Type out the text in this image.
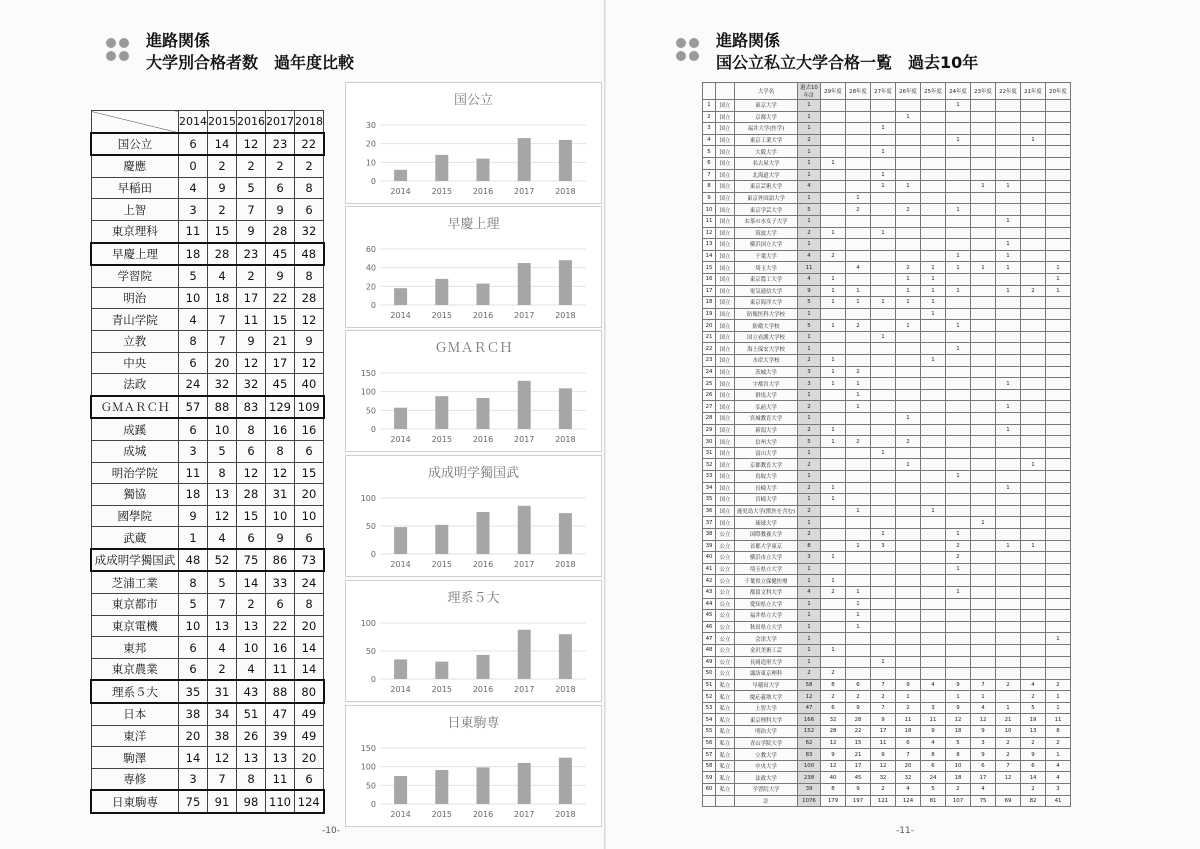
進路関係
大学別合格者数　過年度比較
	2014	2015	2016	2017	2018
国公立	6	14	12	23	22
慶應	0	2	2	2	2
早稲田	4	9	5	6	8
上智	3	2	7	9	6
東京理科	11	15	9	28	32
早慶上理	18	28	23	45	48
学習院	5	4	2	9	8
明治	10	18	17	22	28
青山学院	4	7	11	15	12
立教	8	7	9	21	9
中央	6	20	12	17	12
法政	24	32	32	45	40
ＧＭＡＲＣＨ	57	88	83	129	109
成蹊	6	10	8	16	16
成城	3	5	6	8	6
明治学院	11	8	12	12	15
獨協	18	13	28	31	20
國學院	9	12	15	10	10
武蔵	1	4	6	9	6
成成明学獨国武	48	52	75	86	73
芝浦工業	8	5	14	33	24
東京都市	5	7	2	6	8
東京電機	10	13	13	22	20
東邦	6	4	10	16	14
東京農業	6	2	4	11	14
理系５大	35	31	43	88	80
日本	38	34	51	47	49
東洋	20	38	26	39	49
駒澤	14	12	13	13	20
専修	3	7	8	11	6
日東駒専	75	91	98	110	124
国公立
0
10
20
30
2014	2015	2016	2017	2018
早慶上理
0
20
40
60
2014	2015	2016	2017	2018
ＧＭＡＲＣＨ
0
50
100
150
2014	2015	2016	2017	2018
成成明学獨国武
0
50
100
2014	2015	2016	2017	2018
理系５大
0
50
100
2014	2015	2016	2017	2018
日東駒専
0
50
100
150
2014	2015	2016	2017	2018
-10-
進路関係
国公立私立大学合格一覧　過去10年
		大学名	過去10年計	29年度	28年度	27年度	26年度	25年度	24年度	23年度	22年度	21年度	20年度
1	国立	東京大学	1						1				
2	国立	京都大学	1				1						
3	国立	福井大学(医学)	1			1							
4	国立	東京工業大学	2						1			1	
5	国立	大阪大学	1			1							
6	国立	名古屋大学	1	1									
7	国立	北海道大学	1			1							
8	国立	東京芸術大学	4			1	1			1	1		
9	国立	東京外国語大学	1		1								
10	国立	東京学芸大学	5		2		2		1				
11	国立	お茶の水女子大学	1								1		
12	国立	筑波大学	2	1		1							
13	国立	横浜国立大学	1								1		
14	国立	千葉大学	4	2					1		1		
15	国立	埼玉大学	11		4		2	1	1	1	1		1
16	国立	東京農工大学	4	1			1	1					1
17	国立	電気通信大学	9	1	1		1	1	1		1	2	1
18	国立	東京海洋大学	5	1	1	1	1	1					
19	国立	防衛医科大学校	1					1					
20	国立	防衛大学校	5	1	2		1		1				
21	国立	国立看護大学校	1			1							
22	国立	海上保安大学校	1						1				
23	国立	水産大学校	2	1				1					
24	国立	茨城大学	3	1	2								
25	国立	宇都宮大学	3	1	1						1		
26	国立	群馬大学	1		1								
27	国立	弘前大学	2		1						1		
28	国立	宮城教育大学	1				1						
29	国立	新潟大学	2	1							1		
30	国立	信州大学	5	1	2		2						
31	国立	富山大学	1			1							
32	国立	京都教育大学	2				1					1	
33	国立	鳥取大学	1						1				
34	国立	長崎大学	2	1							1		
35	国立	宮崎大学	1	1									
36	国立	鹿児島大学(獣医を含む)	2		1			1					
37	国立	琉球大学	1							1			
38	公立	国際教養大学	2			1			1				
39	公立	首都大学東京	8		1	3			2		1	1	
40	公立	横浜市立大学	3	1					2				
41	公立	埼玉県立大学	1						1				
42	公立	千葉県立保健医療	1	1									
43	公立	都留文科大学	4	2	1				1				
44	公立	愛知県立大学	1		1								
45	公立	福井県立大学	1		1								
46	公立	秋田県立大学	1		1								
47	公立	会津大学	1										1
48	公立	金沢美術工芸	1	1									
49	公立	長岡造形大学	1			1							
50	公立	諏訪東京理科	2	2									
51	私立	早稲田大学	58	8	6	7	9	4	9	7	2	4	2
52	私立	慶応義塾大学	12	2	2	2	1		1	1		2	1
53	私立	上智大学	47	6	9	7	2	3	9	4	1	5	1
54	私立	東京理科大学	166	32	28	9	11	11	12	12	21	19	11
55	私立	明治大学	152	28	22	17	18	9	18	9	10	13	8
56	私立	青山学院大学	62	12	15	11	6	4	5	3	2	2	2
57	私立	立教大学	83	9	21	9	7	8	8	9	2	9	1
58	私立	中央大学	100	12	17	12	20	6	10	6	7	6	4
59	私立	法政大学	238	40	45	32	32	24	18	17	12	14	4
60	私立	学習院大学	39	8	9	2	4	5	2	4		2	3
		計	1076	179	197	121	124	81	107	75	69	82	41
-11-
